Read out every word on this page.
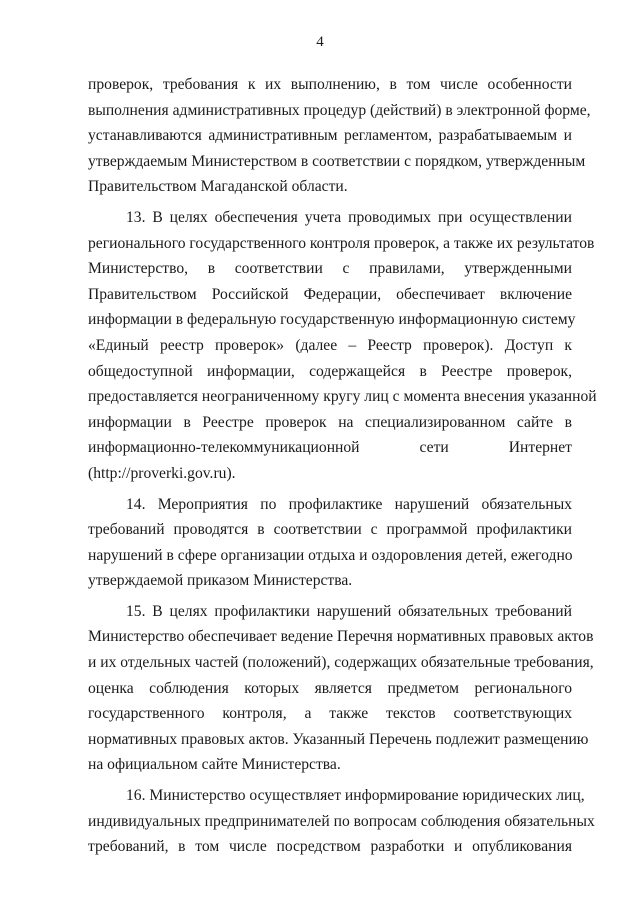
4
проверок, требования к их выполнению, в том числе особенности
выполнения административных процедур (действий) в электронной форме,
устанавливаются административным регламентом, разрабатываемым и
утверждаемым Министерством в соответствии с порядком, утвержденным
Правительством Магаданской области.
13. В целях обеспечения учета проводимых при осуществлении
регионального государственного контроля проверок, а также их результатов
Министерство, в соответствии с правилами, утвержденными
Правительством Российской Федерации, обеспечивает включение
информации в федеральную государственную информационную систему
«Единый реестр проверок» (далее – Реестр проверок). Доступ к
общедоступной информации, содержащейся в Реестре проверок,
предоставляется неограниченному кругу лиц с момента внесения указанной
информации в Реестре проверок на специализированном сайте в
информационно-телекоммуникационной сети Интернет
(http://proverki.gov.ru).
14. Мероприятия по профилактике нарушений обязательных
требований проводятся в соответствии с программой профилактики
нарушений в сфере организации отдыха и оздоровления детей, ежегодно
утверждаемой приказом Министерства.
15. В целях профилактики нарушений обязательных требований
Министерство обеспечивает ведение Перечня нормативных правовых актов
и их отдельных частей (положений), содержащих обязательные требования,
оценка соблюдения которых является предметом регионального
государственного контроля, а также текстов соответствующих
нормативных правовых актов. Указанный Перечень подлежит размещению
на официальном сайте Министерства.
16. Министерство осуществляет информирование юридических лиц,
индивидуальных предпринимателей по вопросам соблюдения обязательных
требований, в том числе посредством разработки и опубликования
